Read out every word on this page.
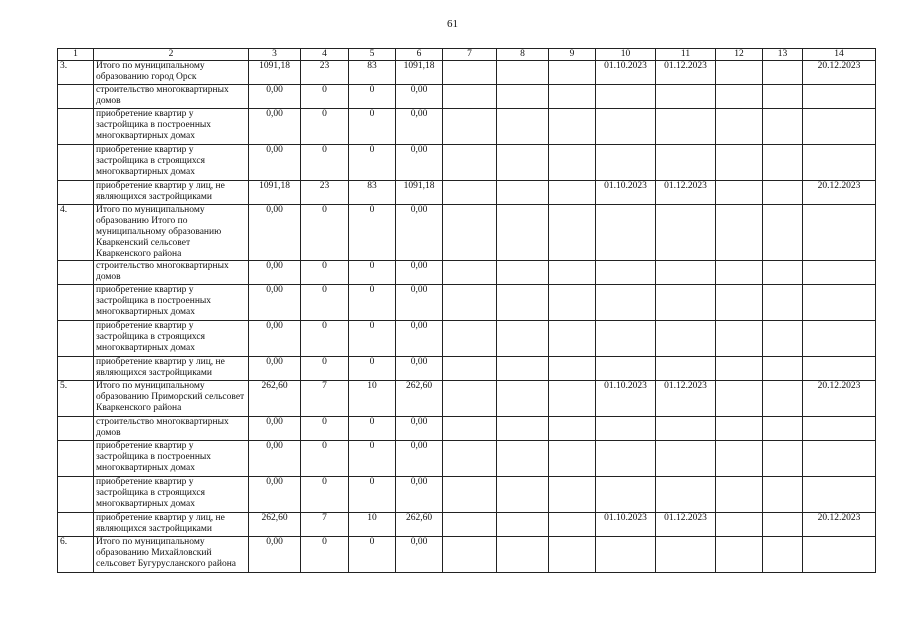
61
1	2	3	4	5	6	7	8	9	10	11	12	13	14
3.	Итого по муниципальному образованию город Орск	1091,18	23	83	1091,18				01.10.2023	01.12.2023			20.12.2023
	строительство многоквартирных домов	0,00	0	0	0,00								
	приобретение квартир у застройщика в построенных многоквартирных домах	0,00	0	0	0,00								
	приобретение квартир у застройщика в строящихся многоквартирных домах	0,00	0	0	0,00								
	приобретение квартир у лиц, не являющихся застройщиками	1091,18	23	83	1091,18				01.10.2023	01.12.2023			20.12.2023
4.	Итого по муниципальному образованию Итого по муниципальному образованию Кваркенский сельсовет Кваркенского района	0,00	0	0	0,00								
	строительство многоквартирных домов	0,00	0	0	0,00								
	приобретение квартир у застройщика в построенных многоквартирных домах	0,00	0	0	0,00								
	приобретение квартир у застройщика в строящихся многоквартирных домах	0,00	0	0	0,00								
	приобретение квартир у лиц, не являющихся застройщиками	0,00	0	0	0,00								
5.	Итого по муниципальному образованию Приморский сельсовет Кваркенского района	262,60	7	10	262,60				01.10.2023	01.12.2023			20.12.2023
	строительство многоквартирных домов	0,00	0	0	0,00								
	приобретение квартир у застройщика в построенных многоквартирных домах	0,00	0	0	0,00								
	приобретение квартир у застройщика в строящихся многоквартирных домах	0,00	0	0	0,00								
	приобретение квартир у лиц, не являющихся застройщиками	262,60	7	10	262,60				01.10.2023	01.12.2023			20.12.2023
6.	Итого по муниципальному образованию Михайловский сельсовет Бугурусланского района	0,00	0	0	0,00								
